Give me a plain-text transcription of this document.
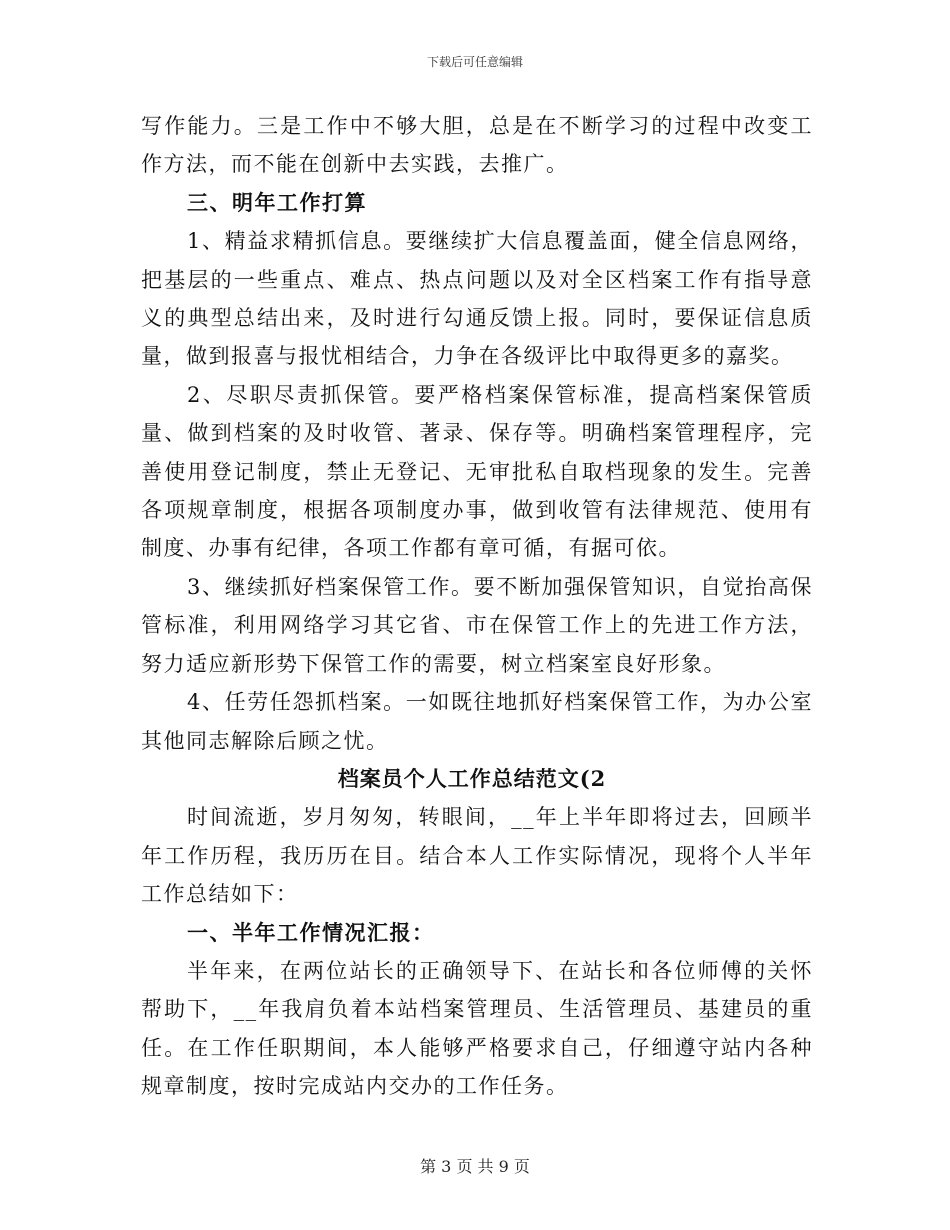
下载后可任意编辑

写作能力。三是工作中不够大胆，总是在不断学习的过程中改变工作方法，而不能在创新中去实践，去推广。

三、明年工作打算

1、精益求精抓信息。要继续扩大信息覆盖面，健全信息网络，把基层的一些重点、难点、热点问题以及对全区档案工作有指导意义的典型总结出来，及时进行勾通反馈上报。同时，要保证信息质量，做到报喜与报忧相结合，力争在各级评比中取得更多的嘉奖。

2、尽职尽责抓保管。要严格档案保管标准，提高档案保管质量、做到档案的及时收管、著录、保存等。明确档案管理程序，完善使用登记制度，禁止无登记、无审批私自取档现象的发生。完善各项规章制度，根据各项制度办事，做到收管有法律规范、使用有制度、办事有纪律，各项工作都有章可循，有据可依。

3、继续抓好档案保管工作。要不断加强保管知识，自觉抬高保管标准，利用网络学习其它省、市在保管工作上的先进工作方法，努力适应新形势下保管工作的需要，树立档案室良好形象。

4、任劳任怨抓档案。一如既往地抓好档案保管工作，为办公室其他同志解除后顾之忧。

档案员个人工作总结范文(2

时间流逝，岁月匆匆，转眼间，__年上半年即将过去，回顾半年工作历程，我历历在目。结合本人工作实际情况，现将个人半年工作总结如下：

一、半年工作情况汇报：

半年来，在两位站长的正确领导下、在站长和各位师傅的关怀帮助下，__年我肩负着本站档案管理员、生活管理员、基建员的重任。在工作任职期间，本人能够严格要求自己，仔细遵守站内各种规章制度，按时完成站内交办的工作任务。

第 3 页 共 9 页
